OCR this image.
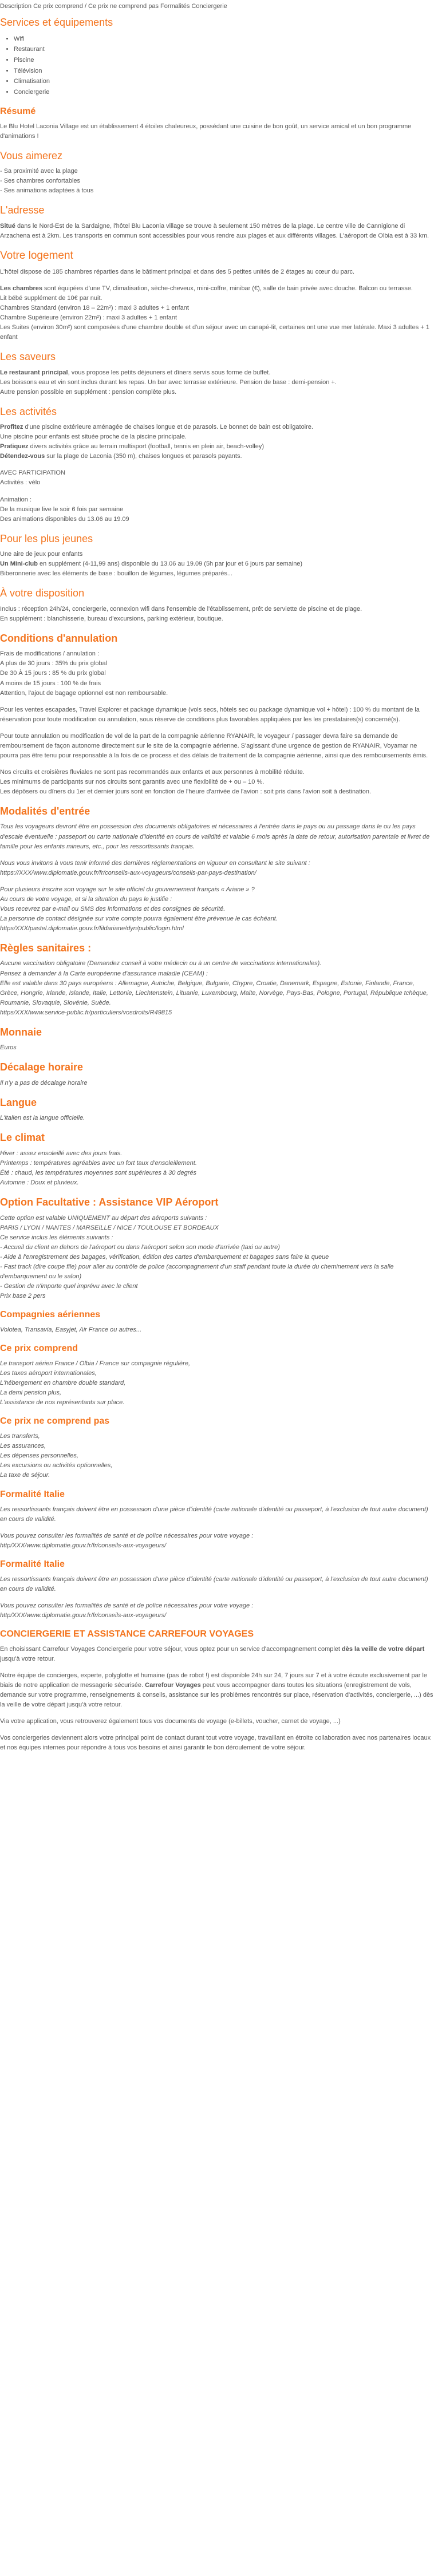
Description Ce prix comprend / Ce prix ne comprend pas Formalités Conciergerie
Services et équipements
• Wifi
• Restaurant
• Piscine
• Télévision
• Climatisation
• Conciergerie
Résumé

Le Blu Hotel Laconia Village est un établissement 4 étoiles chaleureux, possédant une cuisine de bon goût, un service amical et un bon programme d'animations !

Vous aimerez

- Sa proximité avec la plage
- Ses chambres confortables
- Ses animations adaptées à tous

L'adresse

Situé dans le Nord-Est de la Sardaigne, l'hôtel Blu Laconia village se trouve à seulement 150 mètres de la plage. Le centre ville de Cannigione di Arzachena est à 2km. Les transports en commun sont accessibles pour vous rendre aux plages et aux différents villages. L'aéroport de Olbia est à 33 km.

Votre logement

L'hôtel dispose de 185 chambres réparties dans le bâtiment principal et dans des 5 petites unités de 2 étages au cœur du parc.

Les chambres sont équipées d'une TV, climatisation, sèche-cheveux, mini-coffre, minibar (€), salle de bain privée avec douche. Balcon ou terrasse.
Lit bébé supplément de 10€ par nuit.
Chambres Standard (environ 18 – 22m²) : maxi 3 adultes + 1 enfant
Chambre Supérieure (environ 22m²) : maxi 3 adultes + 1 enfant
Les Suites (environ 30m²) sont composées d'une chambre double et d'un séjour avec un canapé-lit, certaines ont une vue mer latérale. Maxi 3 adultes + 1 enfant

Les saveurs

Le restaurant principal, vous propose les petits déjeuners et dîners servis sous forme de buffet.
Les boissons eau et vin sont inclus durant les repas. Un bar avec terrasse extérieure. Pension de base : demi-pension +.
Autre pension possible en supplément : pension complète plus.

Les activités

Profitez d'une piscine extérieure aménagée de chaises longue et de parasols. Le bonnet de bain est obligatoire.
Une piscine pour enfants est située proche de la piscine principale.
Pratiquez divers activités grâce au terrain multisport (football, tennis en plein air, beach-volley)
Détendez-vous sur la plage de Laconia (350 m), chaises longues et parasols payants.

AVEC PARTICIPATION
Activités : vélo

Animation :
De la musique live le soir 6 fois par semaine
Des animations disponibles du 13.06 au 19.09

Pour les plus jeunes

Une aire de jeux pour enfants
Un Mini-club en supplément (4-11,99 ans) disponible du 13.06 au 19.09 (5h par jour et 6 jours par semaine)
Biberonnerie avec les éléments de base : bouillon de légumes, légumes préparés...

À votre disposition

Inclus : réception 24h/24, conciergerie, connexion wifi dans l'ensemble de l'établissement, prêt de serviette de piscine et de plage.
En supplément : blanchisserie, bureau d'excursions, parking extérieur, boutique.

Conditions d'annulation

Frais de modifications / annulation :
A plus de 30 jours : 35% du prix global
De 30 À 15 jours : 85 % du prix global
A moins de 15 jours : 100 % de frais
Attention, l'ajout de bagage optionnel est non remboursable.

Pour les ventes escapades, Travel Explorer et package dynamique (vols secs, hôtels sec ou package dynamique vol + hôtel) : 100 % du montant de la réservation pour toute modification ou annulation, sous réserve de conditions plus favorables appliquées par les les prestataires(s) concerné(s).

Pour toute annulation ou modification de vol de la part de la compagnie aérienne RYANAIR, le voyageur / passager devra faire sa demande de remboursement de façon autonome directement sur le site de la compagnie aérienne. S'agissant d'une urgence de gestion de RYANAIR, Voyamar ne pourra pas être tenu pour responsable à la fois de ce process et des délais de traitement de la compagnie aérienne, ainsi que des remboursements émis.

Nos circuits et croisières fluviales ne sont pas recommandés aux enfants et aux personnes à mobilité réduite.
Les minimums de participants sur nos circuits sont garantis avec une flexibilité de + ou – 10 %.
Les dépôsers ou dîners du 1er et dernier jours sont en fonction de l'heure d'arrivée de l'avion : soit pris dans l'avion soit à destination.

Modalités d'entrée

Tous les voyageurs devront être en possession des documents obligatoires et nécessaires à l'entrée dans le pays ou au passage dans le ou les pays d'escale éventuelle : passeport ou carte nationale d'identité en cours de validité et valable 6 mois après la date de retour, autorisation parentale et livret de famille pour les enfants mineurs, etc., pour les ressortissants français.

Nous vous invitons à vous tenir informé des dernières réglementations en vigueur en consultant le site suivant : https://XXX/www.diplomatie.gouv.fr/fr/conseils-aux-voyageurs/conseils-par-pays-destination/

Pour plusieurs inscrire son voyage sur le site officiel du gouvernement français « Ariane » ?
Au cours de votre voyage, et si la situation du pays le justifie :
Vous recevrez par e-mail ou SMS des informations et des consignes de sécurité.
La personne de contact désignée sur votre compte pourra également être prévenue le cas échéant.
https/XXX/pastel.diplomatie.gouv.fr/fildariane/dyn/public/login.html

Règles sanitaires :

Aucune vaccination obligatoire (Demandez conseil à votre médecin ou à un centre de vaccinations internationales).
Pensez à demander à la Carte européenne d'assurance maladie (CEAM) :
Elle est valable dans 30 pays européens : Allemagne, Autriche, Belgique, Bulgarie, Chypre, Croatie, Danemark, Espagne, Estonie, Finlande, France, Grèce, Hongrie, Irlande, Islande, Italie, Lettonie, Liechtenstein, Lituanie, Luxembourg, Malte, Norvège, Pays-Bas, Pologne, Portugal, République tchèque, Roumanie, Slovaquie, Slovénie, Suède.
https/XXX/www.service-public.fr/particuliers/vosdroits/R49815

Monnaie

Euros

Décalage horaire

Il n'y a pas de décalage horaire

Langue

L'italien est la langue officielle.

Le climat

Hiver : assez ensoleillé avec des jours frais.
Printemps : températures agréables avec un fort taux d'ensoleillement.
Été : chaud, les températures moyennes sont supérieures à 30 degrés
Automne : Doux et pluvieux.

Option Facultative : Assistance VIP Aéroport

Cette option est valable UNIQUEMENT au départ des aéroports suivants :
PARIS / LYON / NANTES / MARSEILLE / NICE / TOULOUSE ET BORDEAUX
Ce service inclus les éléments suivants :
- Accueil du client en dehors de l'aéroport ou dans l'aéroport selon son mode d'arrivée (taxi ou autre)
- Aide à l'enregistrement des bagages, vérification, édition des cartes d'embarquement et bagages sans faire la queue
- Fast track (dire coupe file) pour aller au contrôle de police (accompagnement d'un staff pendant toute la durée du cheminement vers la salle d'embarquement ou le salon)
- Gestion de n'importe quel imprévu avec le client
Prix base 2 pers

Compagnies aériennes

Volotea, Transavia, Easyjet, Air France ou autres...

Ce prix comprend

Le transport aérien France / Olbia / France sur compagnie régulière,
Les taxes aéroport internationales,
L'hébergement en chambre double standard,
La demi pension plus,
L'assistance de nos représentants sur place.

Ce prix ne comprend pas

Les transferts,
Les assurances,
Les dépenses personnelles,
Les excursions ou activités optionnelles,
La taxe de séjour.

Formalité Italie

Les ressortissants français doivent être en possession d'une pièce d'identité (carte nationale d'identité ou passeport, à l'exclusion de tout autre document) en cours de validité.

Vous pouvez consulter les formalités de santé et de police nécessaires pour votre voyage :
http/XXX/www.diplomatie.gouv.fr/fr/conseils-aux-voyageurs/

Formalité Italie

Les ressortissants français doivent être en possession d'une pièce d'identité (carte nationale d'identité ou passeport, à l'exclusion de tout autre document) en cours de validité.

Vous pouvez consulter les formalités de santé et de police nécessaires pour votre voyage :
http/XXX/www.diplomatie.gouv.fr/fr/conseils-aux-voyageurs/

CONCIERGERIE ET ASSISTANCE CARREFOUR VOYAGES

En choisissant Carrefour Voyages Conciergerie pour votre séjour, vous optez pour un service d'accompagnement complet dès la veille de votre départ jusqu'à votre retour.

Notre équipe de concierges, experte, polyglotte et humaine (pas de robot !) est disponible 24h sur 24, 7 jours sur 7 et à votre écoute exclusivement par le biais de notre application de messagerie sécurisée. Carrefour Voyages peut vous accompagner dans toutes les situations (enregistrement de vols, demande sur votre programme, renseignements & conseils, assistance sur les problèmes rencontrés sur place, réservation d'activités, conciergerie, ...) dès la veille de votre départ jusqu'à votre retour.

Via votre application, vous retrouverez également tous vos documents de voyage (e-billets, voucher, carnet de voyage, ...)

Vos conciergeries deviennent alors votre principal point de contact durant tout votre voyage, travaillant en étroite collaboration avec nos partenaires locaux et nos équipes internes pour répondre à tous vos besoins et ainsi garantir le bon déroulement de votre séjour.
